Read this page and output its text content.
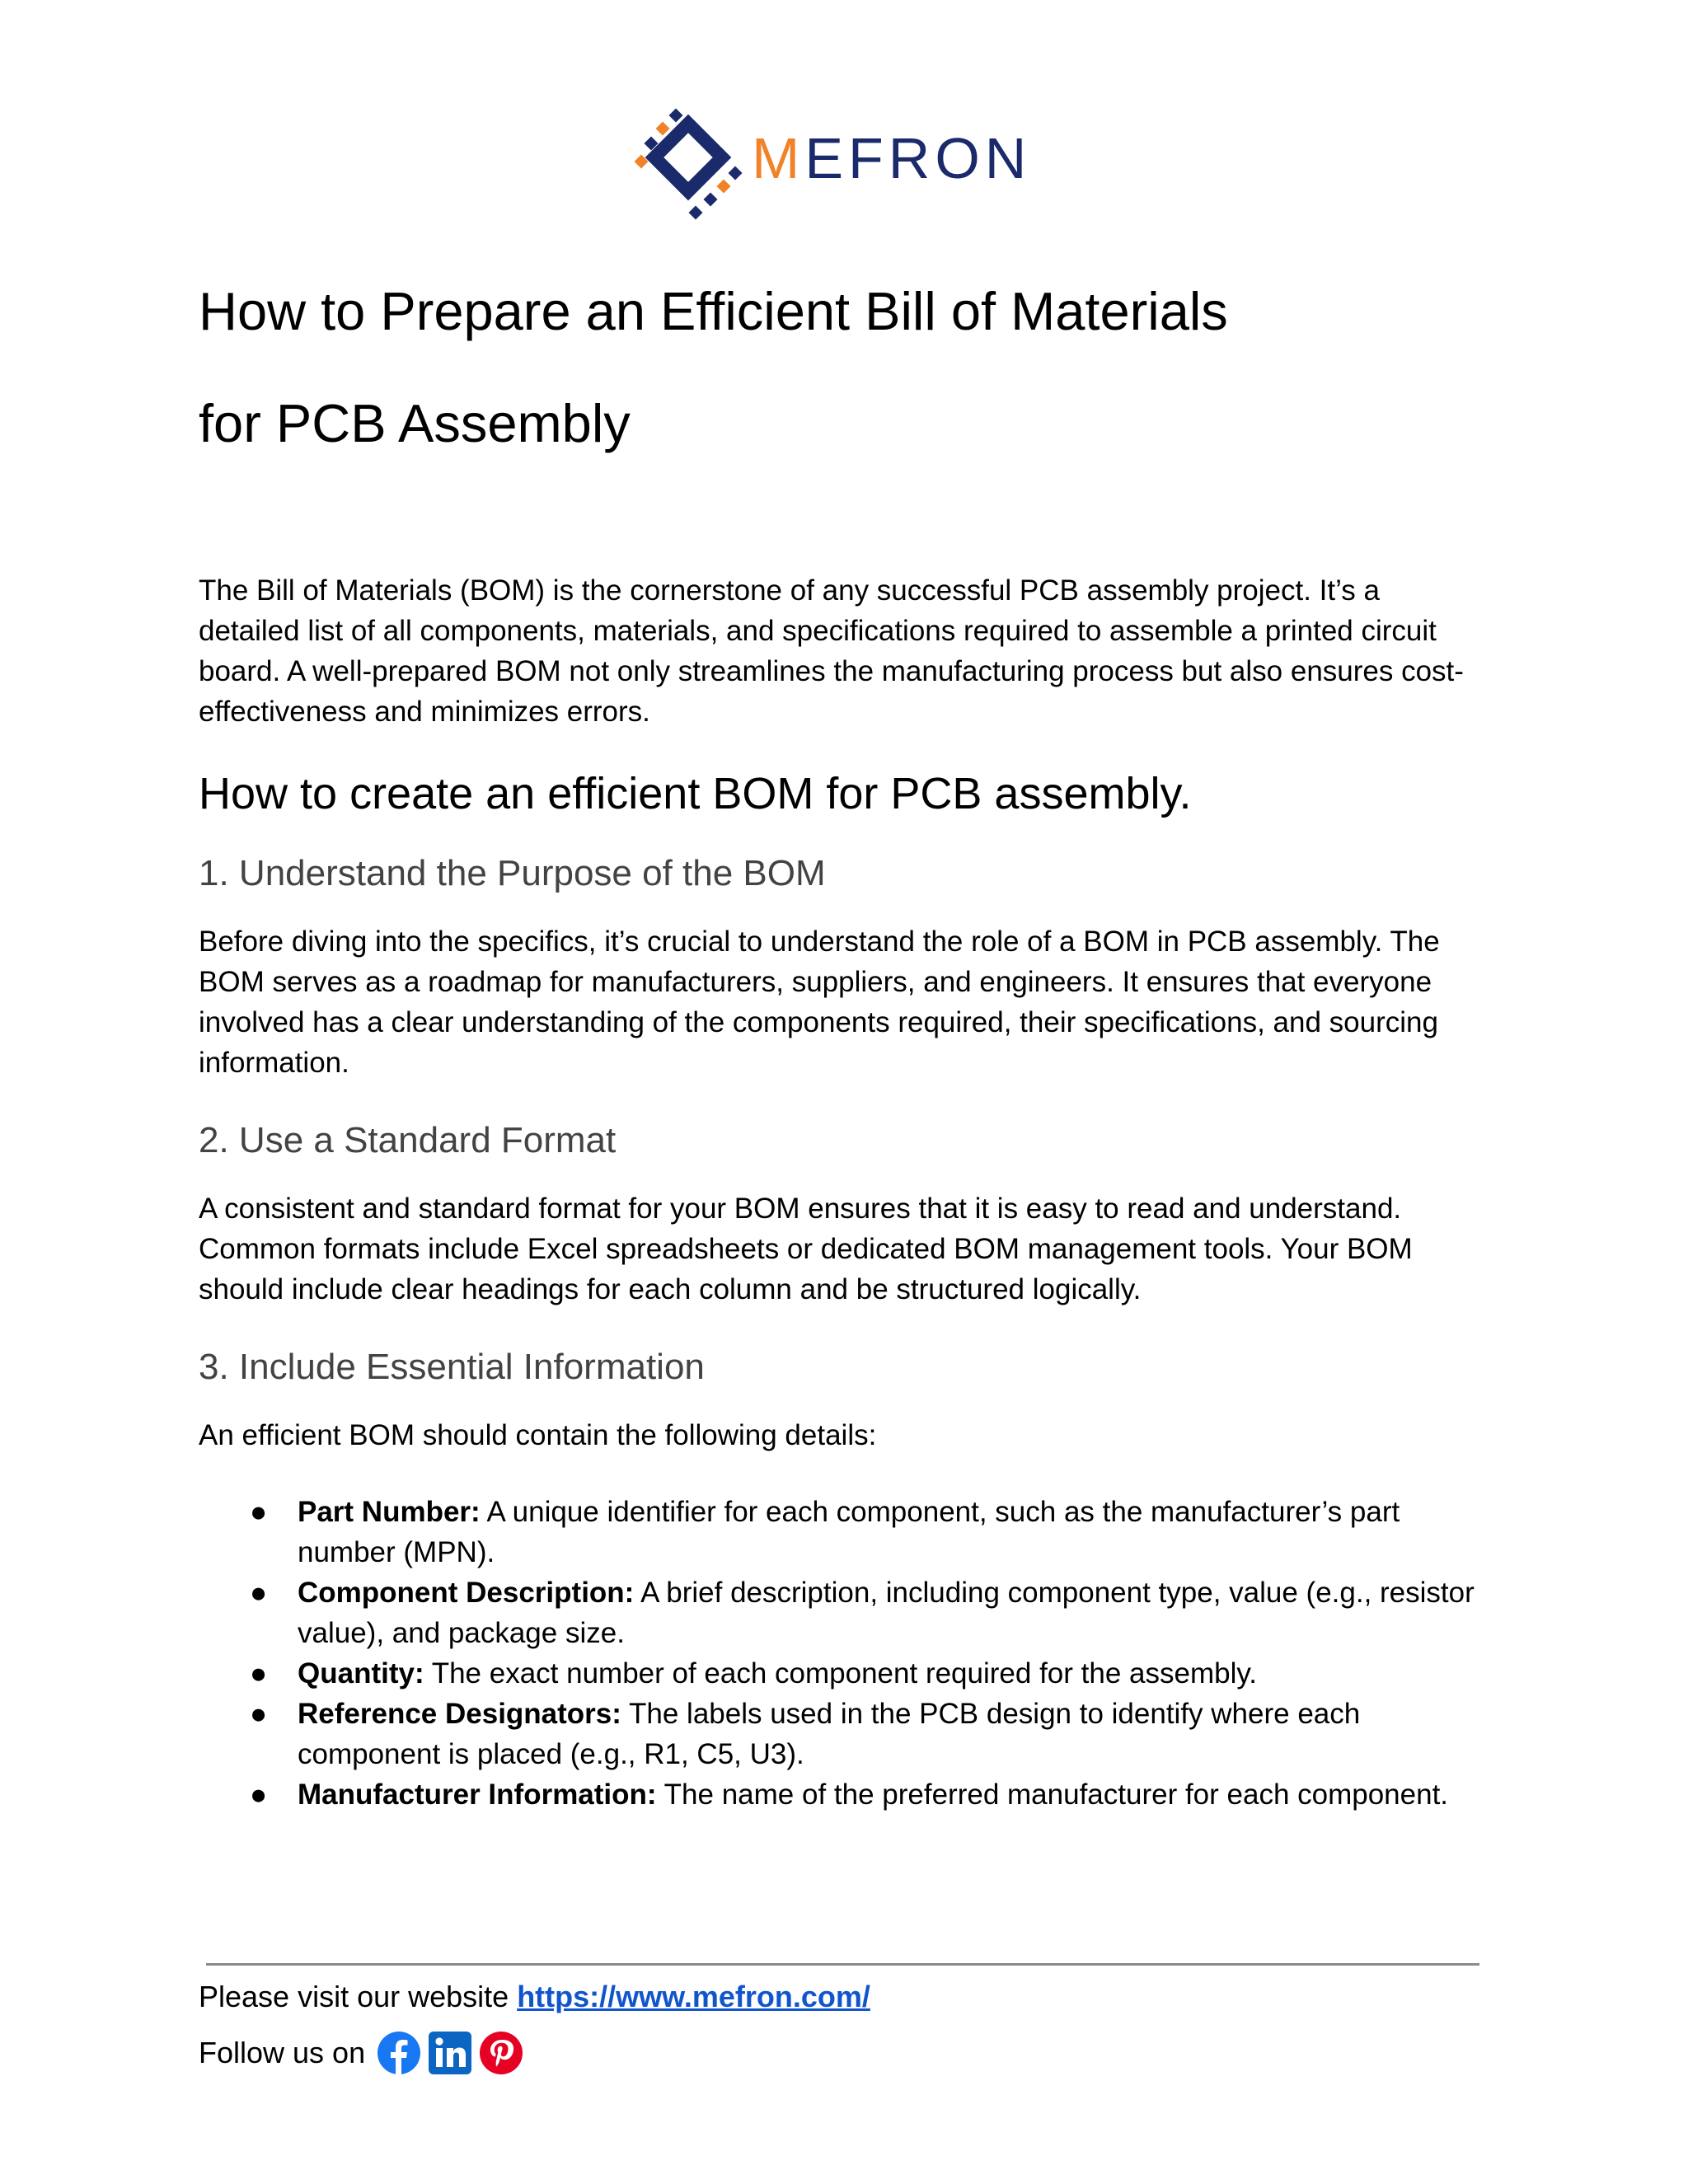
MEFRON
How to Prepare an Efficient Bill of Materials
for PCB Assembly

The Bill of Materials (BOM) is the cornerstone of any successful PCB assembly project. It’s a detailed list of all components, materials, and specifications required to assemble a printed circuit board. A well-prepared BOM not only streamlines the manufacturing process but also ensures cost-effectiveness and minimizes errors.

How to create an efficient BOM for PCB assembly.
1. Understand the Purpose of the BOM

Before diving into the specifics, it’s crucial to understand the role of a BOM in PCB assembly. The BOM serves as a roadmap for manufacturers, suppliers, and engineers. It ensures that everyone involved has a clear understanding of the components required, their specifications, and sourcing information.

2. Use a Standard Format

A consistent and standard format for your BOM ensures that it is easy to read and understand. Common formats include Excel spreadsheets or dedicated BOM management tools. Your BOM should include clear headings for each column and be structured logically.

3. Include Essential Information

An efficient BOM should contain the following details:

● Part Number: A unique identifier for each component, such as the manufacturer’s part number (MPN).
● Component Description: A brief description, including component type, value (e.g., resistor value), and package size.
● Quantity: The exact number of each component required for the assembly.
● Reference Designators: The labels used in the PCB design to identify where each component is placed (e.g., R1, C5, U3).
● Manufacturer Information: The name of the preferred manufacturer for each component.
Please visit our website https://www.mefron.com/
Follow us on
